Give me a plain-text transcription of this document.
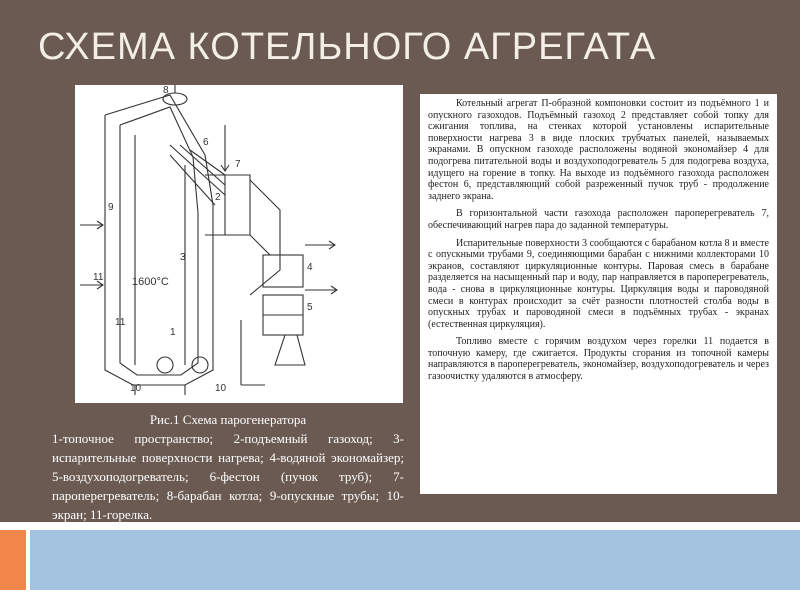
СХЕМА КОТЕЛЬНОГО АГРЕГАТА
1600°С
1
2
3
4
5
6
7
8
9
10	10
11
11

Рис.1 Схема парогенератора

1-топочное пространство; 2-подъемный газоход; 3-испарительные поверхности нагрева; 4-водяной экономайзер; 5-воздухоподогреватель; 6-фестон (пучок труб); 7-пароперегреватель; 8-барабан котла; 9-опускные трубы; 10-экран; 11-горелка.

Котельный агрегат П-образной компоновки состоит из подъёмного 1 и опускного газоходов. Подъёмный газоход 2 представляет собой топку для сжигания топлива, на стенках которой установлены испарительные поверхности нагрева 3 в виде плоских трубчатых панелей, называемых экранами. В опускном газоходе расположены водяной экономайзер 4 для подогрева питательной воды и воздухоподогреватель 5 для подогрева воздуха, идущего на горение в топку. На выходе из подъёмного газохода расположен фестон 6, представляющий собой разреженный пучок труб - продолжение заднего экрана.

В горизонтальной части газохода расположен пароперегреватель 7, обеспечивающий нагрев пара до заданной температуры.

Испарительные поверхности 3 сообщаются с барабаном котла 8 и вместе с опускными трубами 9, соединяющими барабан с нижними коллекторами 10 экранов, составляют циркуляционные контуры. Паровая смесь в барабане разделяется на насыщенный пар и воду, пар направляется в пароперегреватель, вода - снова в циркуляционные контуры. Циркуляция воды и пароводяной смеси в контурах происходит за счёт разности плотностей столба воды в опускных трубах и пароводяной смеси в подъёмных трубах - экранах (естественная циркуляция).

Топливо вместе с горячим воздухом через горелки 11 подается в топочную камеру, где сжигается. Продукты сгорания из топочной камеры направляются в пароперегреватель, экономайзер, воздухоподогреватель и через газоочистку удаляются в атмосферу.
